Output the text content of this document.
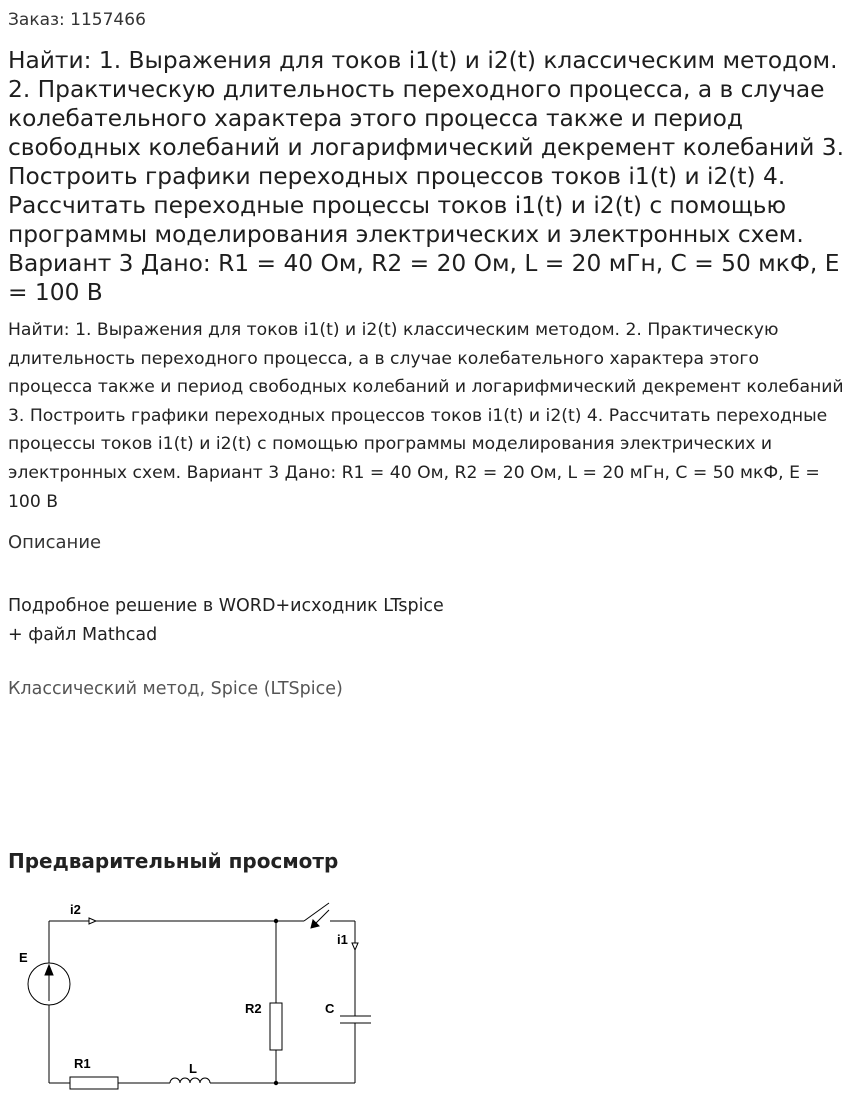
Заказ: 1157466
Найти: 1. Выражения для токов i1(t) и i2(t) классическим методом. 2. Практическую длительность переходного процесса, а в случае колебательного характера этого процесса также и период свободных колебаний и логарифмический декремент колебаний 3. Построить графики переходных процессов токов i1(t) и i2(t) 4. Рассчитать переходные процессы токов i1(t) и i2(t) с помощью программы моделирования электрических и электронных схем. Вариант 3 Дано: R1 = 40 Ом, R2 = 20 Ом, L = 20 мГн, C = 50 мкФ, E = 100 В

Найти: 1. Выражения для токов i1(t) и i2(t) классическим методом. 2. Практическую длительность переходного процесса, а в случае колебательного характера этого процесса также и период свободных колебаний и логарифмический декремент колебаний 3. Построить графики переходных процессов токов i1(t) и i2(t) 4. Рассчитать переходные процессы токов i1(t) и i2(t) с помощью программы моделирования электрических и электронных схем. Вариант 3 Дано: R1 = 40 Ом, R2 = 20 Ом, L = 20 мГн, C = 50 мкФ, E = 100 В

Описание
Подробное решение в WORD+исходник LTspice
+ файл Mathcad
Классический метод, Spice (LTSpice)
Предварительный просмотр
i2
i1
E
R2	C
R1	L
